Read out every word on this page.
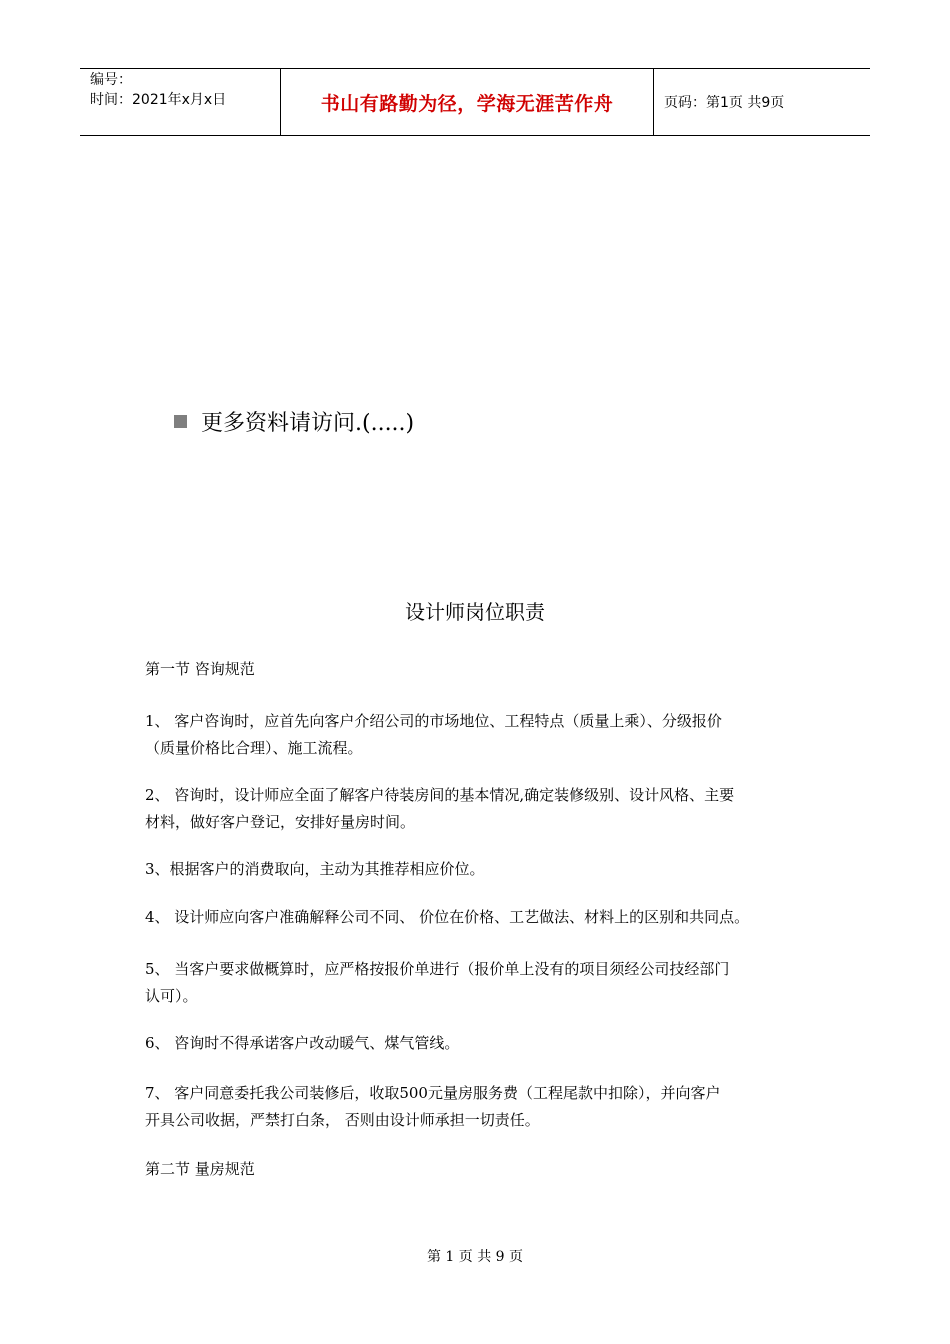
编号：
时间：2021年x月x日	书山有路勤为径，学海无涯苦作舟	页码：第1页 共9页
更多资料请访问.(.....)
设计师岗位职责
第一节 咨询规范
1、 客户咨询时，应首先向客户介绍公司的市场地位、工程特点（质量上乘）、分级报价
（质量价格比合理）、施工流程。
2、 咨询时，设计师应全面了解客户待装房间的基本情况,确定装修级别、设计风格、主要
材料，做好客户登记，安排好量房时间。
3、根据客户的消费取向，主动为其推荐相应价位。
4、 设计师应向客户准确解释公司不同、 价位在价格、工艺做法、材料上的区别和共同点。
5、 当客户要求做概算时，应严格按报价单进行（报价单上没有的项目须经公司技经部门
认可）。
6、 咨询时不得承诺客户改动暖气、煤气管线。
7、 客户同意委托我公司装修后，收取500元量房服务费（工程尾款中扣除），并向客户
开具公司收据，严禁打白条， 否则由设计师承担一切责任。
第二节 量房规范
第 1 页 共 9 页
